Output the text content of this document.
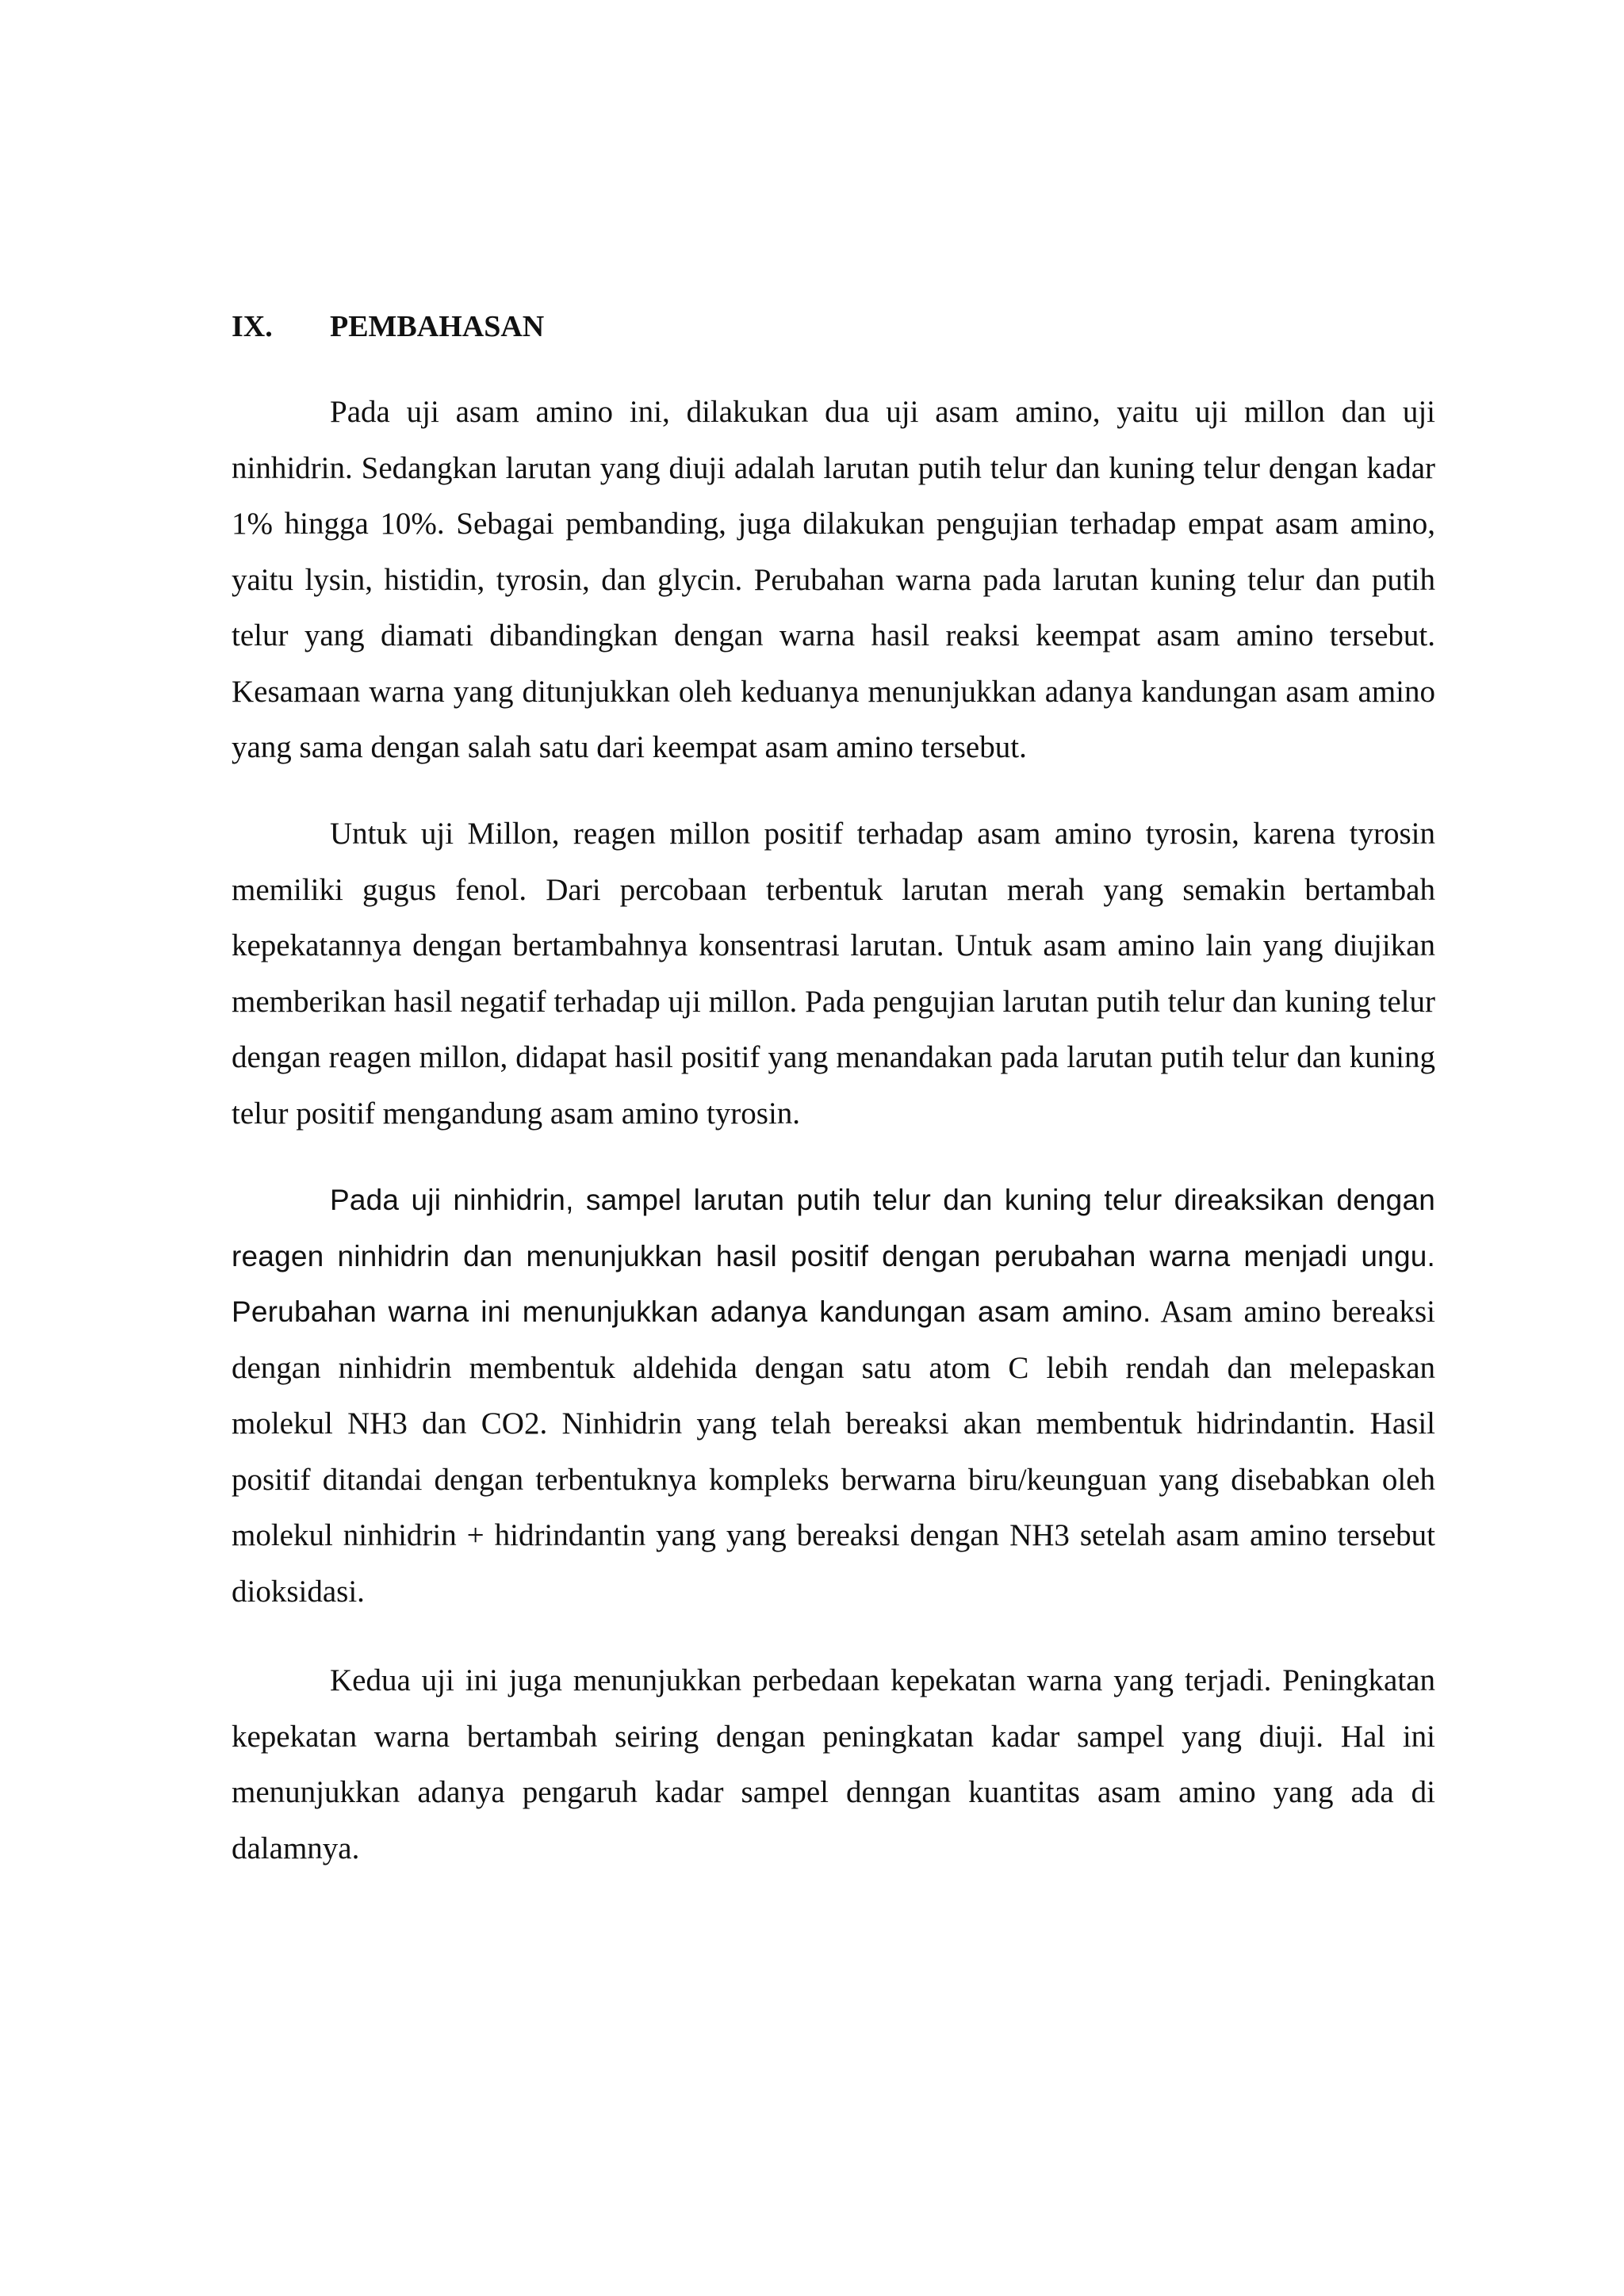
IX. PEMBAHASAN

Pada uji asam amino ini, dilakukan dua uji asam amino, yaitu uji millon dan uji ninhidrin. Sedangkan larutan yang diuji adalah larutan putih telur dan kuning telur dengan kadar 1% hingga 10%. Sebagai pembanding, juga dilakukan pengujian terhadap empat asam amino, yaitu lysin, histidin, tyrosin, dan glycin. Perubahan warna pada larutan kuning telur dan putih telur yang diamati dibandingkan dengan warna hasil reaksi keempat asam amino tersebut. Kesamaan warna yang ditunjukkan oleh keduanya menunjukkan adanya kandungan asam amino yang sama dengan salah satu dari keempat asam amino tersebut.

Untuk uji Millon, reagen millon positif terhadap asam amino tyrosin, karena tyrosin memiliki gugus fenol. Dari percobaan terbentuk larutan merah yang semakin bertambah kepekatannya dengan bertambahnya konsentrasi larutan. Untuk asam amino lain yang diujikan memberikan hasil negatif terhadap uji millon. Pada pengujian larutan putih telur dan kuning telur dengan reagen millon, didapat hasil positif yang menandakan pada larutan putih telur dan kuning telur positif mengandung asam amino tyrosin.

Pada uji ninhidrin, sampel larutan putih telur dan kuning telur direaksikan dengan reagen ninhidrin dan menunjukkan hasil positif dengan perubahan warna menjadi ungu. Perubahan warna ini menunjukkan adanya kandungan asam amino. Asam amino bereaksi dengan ninhidrin membentuk aldehida dengan satu atom C lebih rendah dan melepaskan molekul NH3 dan CO2. Ninhidrin yang telah bereaksi akan membentuk hidrindantin. Hasil positif ditandai dengan terbentuknya kompleks berwarna biru/keunguan yang disebabkan oleh molekul ninhidrin + hidrindantin yang yang bereaksi dengan NH3 setelah asam amino tersebut dioksidasi.

Kedua uji ini juga menunjukkan perbedaan kepekatan warna yang terjadi. Peningkatan kepekatan warna bertambah seiring dengan peningkatan kadar sampel yang diuji. Hal ini menunjukkan adanya pengaruh kadar sampel denngan kuantitas asam amino yang ada di dalamnya.
